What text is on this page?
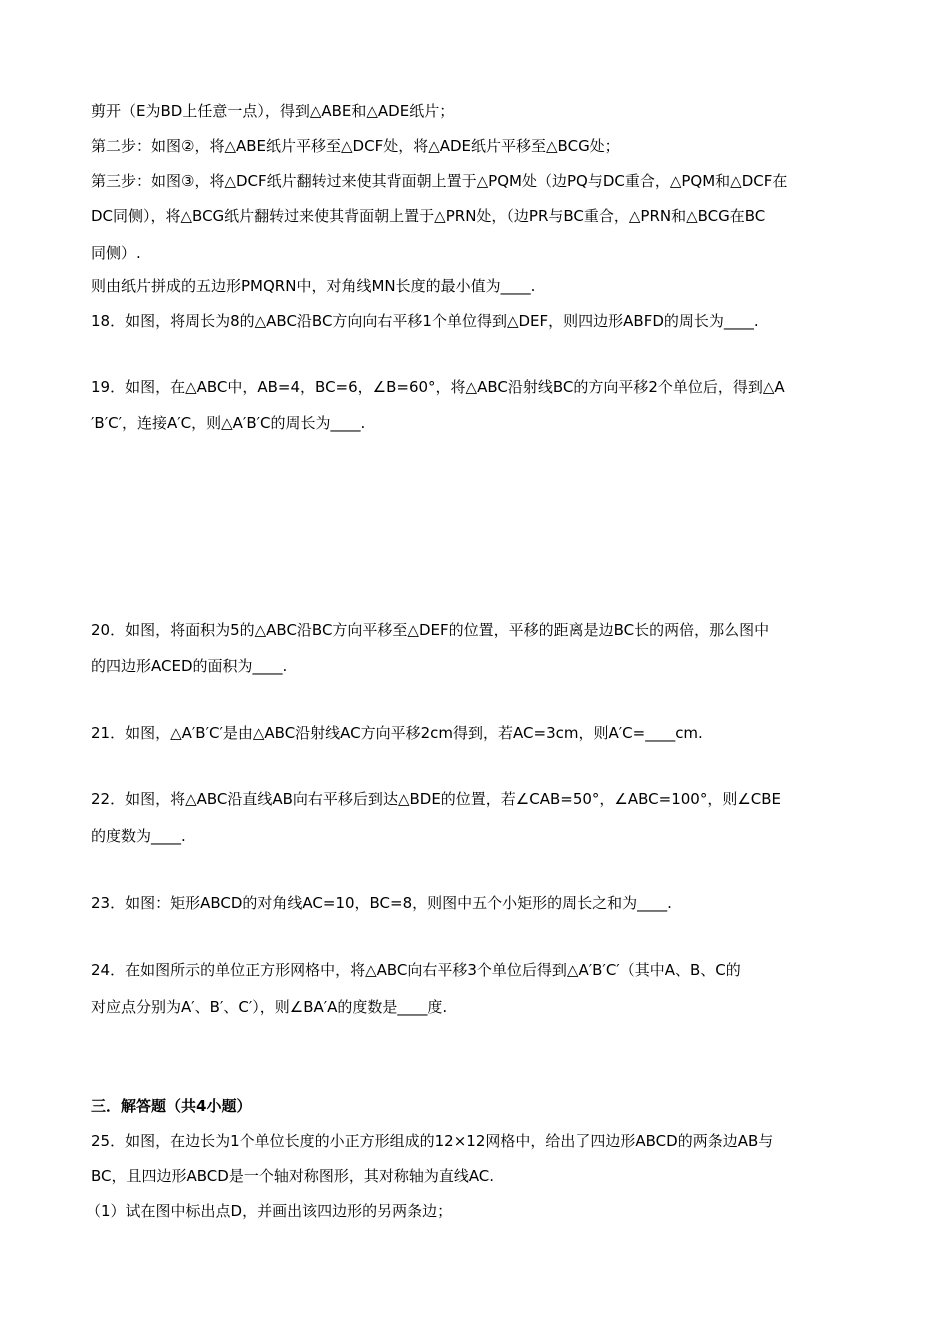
剪开（E为BD上任意一点），得到△ABE和△ADE纸片；
第二步：如图②，将△ABE纸片平移至△DCF处，将△ADE纸片平移至△BCG处；
第三步：如图③，将△DCF纸片翻转过来使其背面朝上置于△PQM处（边PQ与DC重合，△PQM和△DCF在
DC同侧），将△BCG纸片翻转过来使其背面朝上置于△PRN处，（边PR与BC重合，△PRN和△BCG在BC
同侧）.
则由纸片拼成的五边形PMQRN中，对角线MN长度的最小值为____.
18．如图，将周长为8的△ABC沿BC方向向右平移1个单位得到△DEF，则四边形ABFD的周长为____.
19．如图，在△ABC中，AB=4，BC=6，∠B=60°，将△ABC沿射线BC的方向平移2个单位后，得到△A
′B′C′，连接A′C，则△A′B′C的周长为____.
20．如图，将面积为5的△ABC沿BC方向平移至△DEF的位置，平移的距离是边BC长的两倍，那么图中
的四边形ACED的面积为____.
21．如图，△A′B′C′是由△ABC沿射线AC方向平移2cm得到，若AC=3cm，则A′C=____cm.
22．如图，将△ABC沿直线AB向右平移后到达△BDE的位置，若∠CAB=50°，∠ABC=100°，则∠CBE
的度数为____.
23．如图：矩形ABCD的对角线AC=10，BC=8，则图中五个小矩形的周长之和为____.
24．在如图所示的单位正方形网格中，将△ABC向右平移3个单位后得到△A′B′C′（其中A、B、C的
对应点分别为A′、B′、C′），则∠BA′A的度数是____度.
三．解答题（共4小题）
25．如图，在边长为1个单位长度的小正方形组成的12×12网格中，给出了四边形ABCD的两条边AB与
BC，且四边形ABCD是一个轴对称图形，其对称轴为直线AC.
（1）试在图中标出点D，并画出该四边形的另两条边；
